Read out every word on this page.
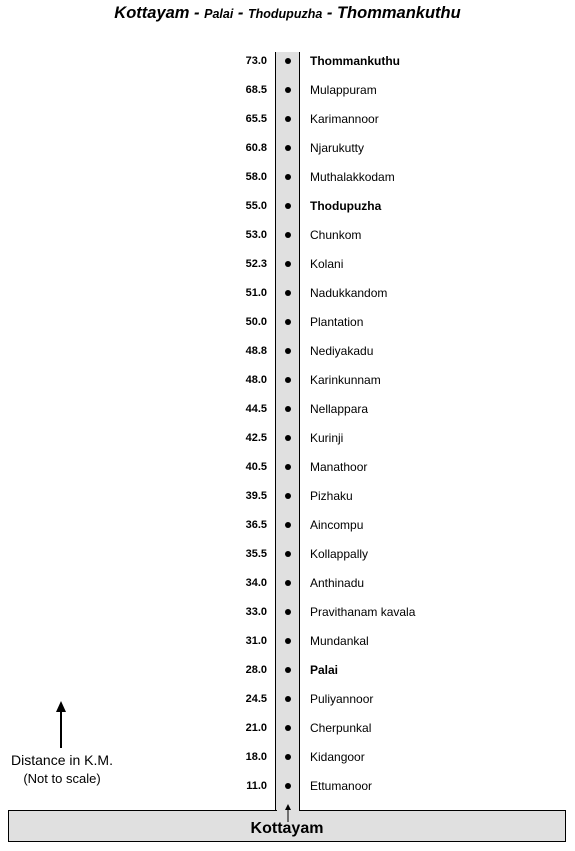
Kottayam - Palai - Thodupuzha - Thommankuthu
Kottayam
73.0	Thommankuthu
68.5	Mulappuram
65.5	Karimannoor
60.8	Njarukutty
58.0	Muthalakkodam
55.0	Thodupuzha
53.0	Chunkom
52.3	Kolani
51.0	Nadukkandom
50.0	Plantation
48.8	Nediyakadu
48.0	Karinkunnam
44.5	Nellappara
42.5	Kurinji
40.5	Manathoor
39.5	Pizhaku
36.5	Aincompu
35.5	Kollappally
34.0	Anthinadu
33.0	Pravithanam kavala
31.0	Mundankal
28.0	Palai
24.5	Puliyannoor
21.0	Cherpunkal
18.0	Kidangoor
11.0	Ettumanoor
Distance in K.M.
(Not to scale)
